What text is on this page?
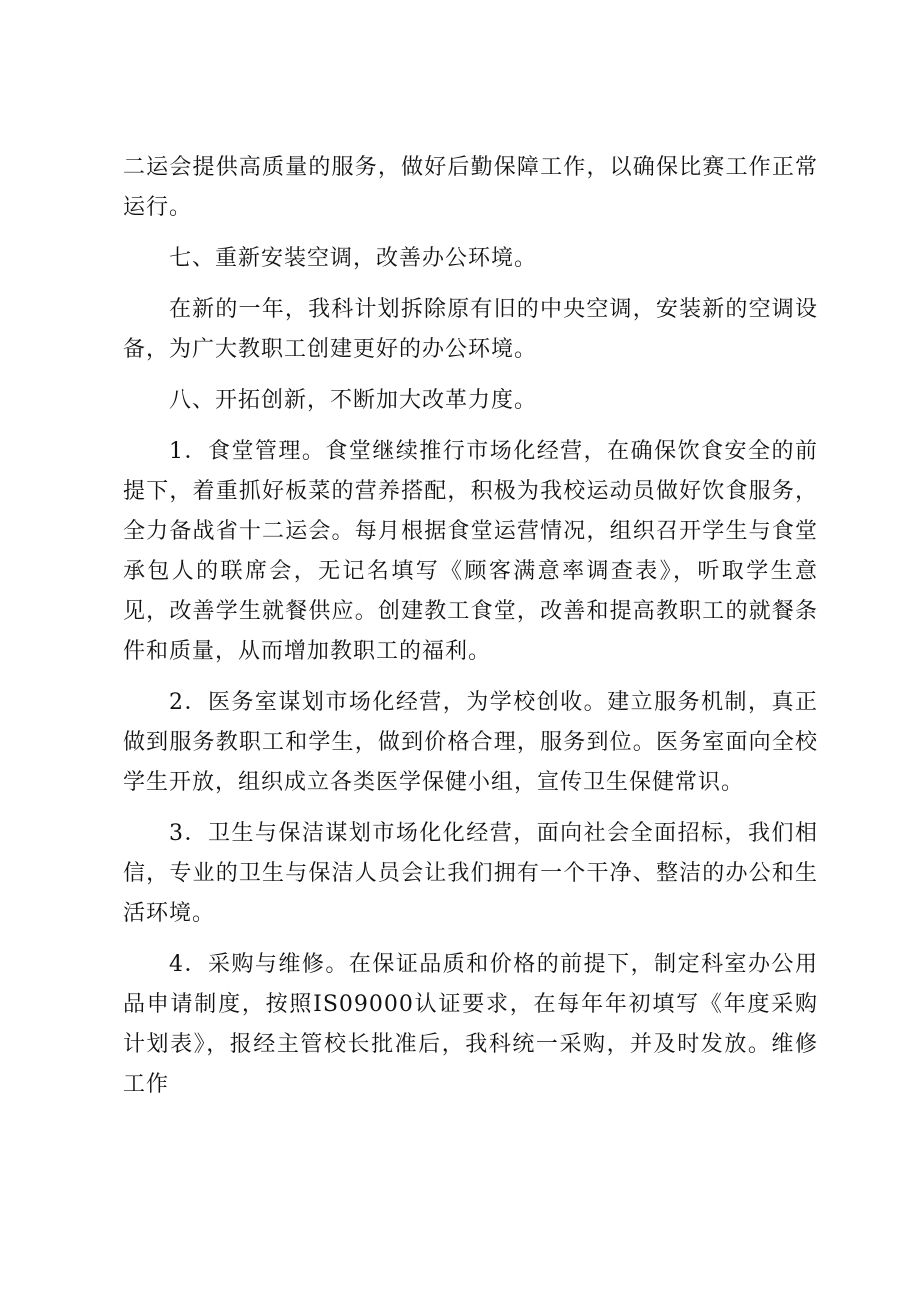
二运会提供高质量的服务，做好后勤保障工作，以确保比赛工作正常运行。

七、重新安装空调，改善办公环境。

在新的一年，我科计划拆除原有旧的中央空调，安装新的空调设备，为广大教职工创建更好的办公环境。

八、开拓创新，不断加大改革力度。

1．食堂管理。食堂继续推行市场化经营，在确保饮食安全的前提下，着重抓好板菜的营养搭配，积极为我校运动员做好饮食服务，全力备战省十二运会。每月根据食堂运营情况，组织召开学生与食堂承包人的联席会，无记名填写《顾客满意率调查表》，听取学生意见，改善学生就餐供应。创建教工食堂，改善和提高教职工的就餐条件和质量，从而增加教职工的福利。

2．医务室谋划市场化经营，为学校创收。建立服务机制，真正做到服务教职工和学生，做到价格合理，服务到位。医务室面向全校学生开放，组织成立各类医学保健小组，宣传卫生保健常识。

3．卫生与保洁谋划市场化化经营，面向社会全面招标，我们相信，专业的卫生与保洁人员会让我们拥有一个干净、整洁的办公和生活环境。

4．采购与维修。在保证品质和价格的前提下，制定科室办公用品申请制度，按照IS09000认证要求，在每年年初填写《年度采购计划表》，报经主管校长批准后，我科统一采购，并及时发放。维修工作
